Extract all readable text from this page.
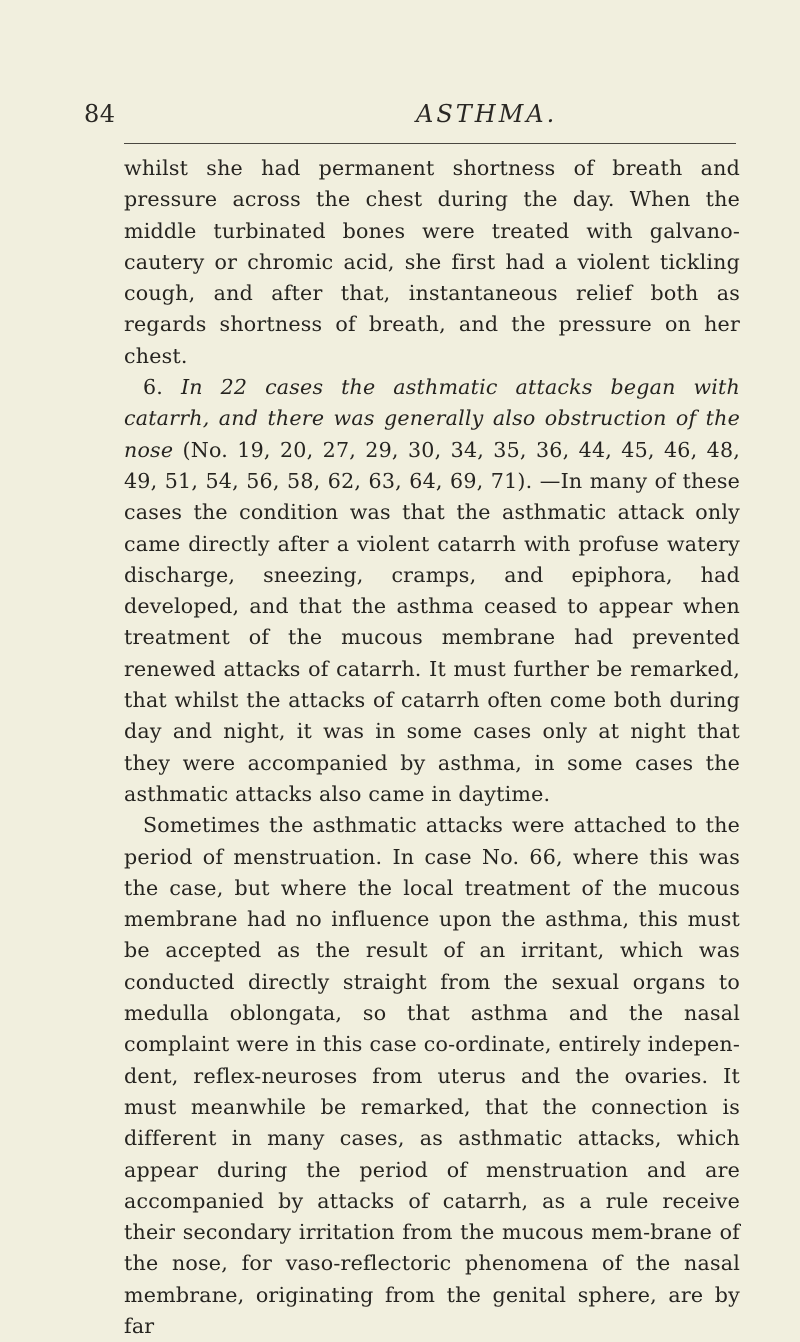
84	ASTHMA.

whilst she had permanent shortness of breath and pressure across the chest during the day. When the middle turbinated bones were treated with galvano-cautery or chromic acid, she first had a violent tickling cough, and after that, instantaneous relief both as regards shortness of breath, and the pressure on her chest.

6. In 22 cases the asthmatic attacks began with catarrh, and there was generally also obstruction of the nose (No. 19, 20, 27, 29, 30, 34, 35, 36, 44, 45, 46, 48, 49, 51, 54, 56, 58, 62, 63, 64, 69, 71). —In many of these cases the condition was that the asthmatic attack only came directly after a violent catarrh with profuse watery discharge, sneezing, cramps, and epiphora, had developed, and that the asthma ceased to appear when treatment of the mucous membrane had prevented renewed attacks of catarrh. It must further be remarked, that whilst the attacks of catarrh often come both during day and night, it was in some cases only at night that they were accompanied by asthma, in some cases the asthmatic attacks also came in daytime.

Sometimes the asthmatic attacks were attached to the period of menstruation. In case No. 66, where this was the case, but where the local treatment of the mucous membrane had no influence upon the asthma, this must be accepted as the result of an irritant, which was conducted directly straight from the sexual organs to medulla oblongata, so that asthma and the nasal complaint were in this case co-ordinate, entirely indepen-dent, reflex-neuroses from uterus and the ovaries. It must meanwhile be remarked, that the connection is different in many cases, as asthmatic attacks, which appear during the period of menstruation and are accompanied by attacks of catarrh, as a rule receive their secondary irritation from the mucous mem-brane of the nose, for vaso-reflectoric phenomena of the nasal membrane, originating from the genital sphere, are by far
